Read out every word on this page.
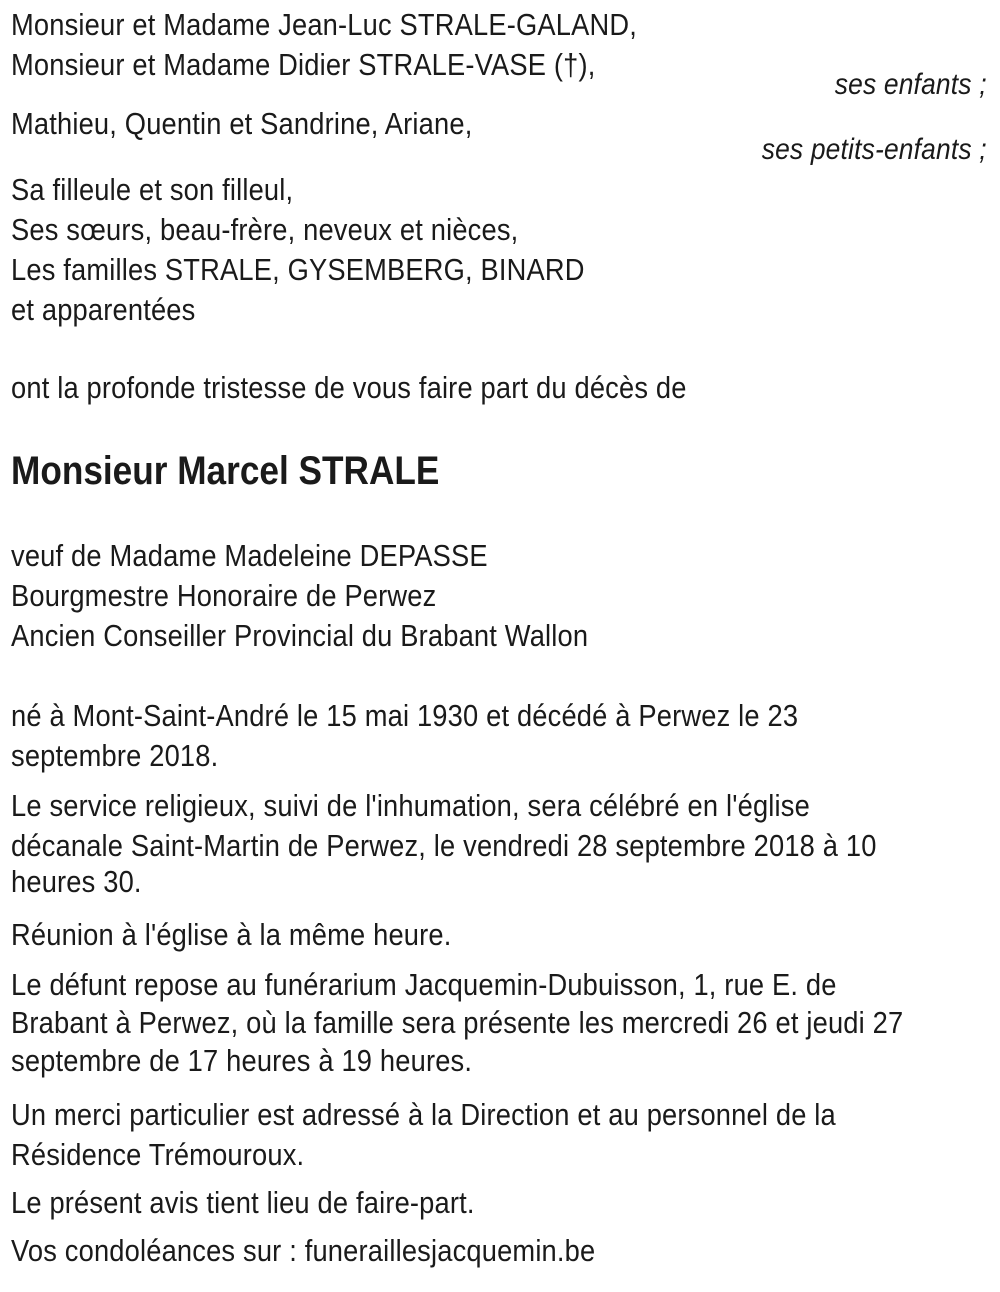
Monsieur et Madame Jean-Luc STRALE-GALAND,
Monsieur et Madame Didier STRALE-VASE (†),
ses enfants ;
Mathieu, Quentin et Sandrine, Ariane,
ses petits-enfants ;
Sa filleule et son filleul,
Ses sœurs, beau-frère, neveux et nièces,
Les familles STRALE, GYSEMBERG, BINARD
et apparentées
ont la profonde tristesse de vous faire part du décès de
Monsieur Marcel STRALE
veuf de Madame Madeleine DEPASSE
Bourgmestre Honoraire de Perwez
Ancien Conseiller Provincial du Brabant Wallon
né à Mont-Saint-André le 15 mai 1930 et décédé à Perwez le 23
septembre 2018.
Le service religieux, suivi de l'inhumation, sera célébré en l'église
décanale Saint-Martin de Perwez, le vendredi 28 septembre 2018 à 10
heures 30.
Réunion à l'église à la même heure.
Le défunt repose au funérarium Jacquemin-Dubuisson, 1, rue E. de
Brabant à Perwez, où la famille sera présente les mercredi 26 et jeudi 27
septembre de 17 heures à 19 heures.
Un merci particulier est adressé à la Direction et au personnel de la
Résidence Trémouroux.
Le présent avis tient lieu de faire-part.
Vos condoléances sur : funeraillesjacquemin.be
